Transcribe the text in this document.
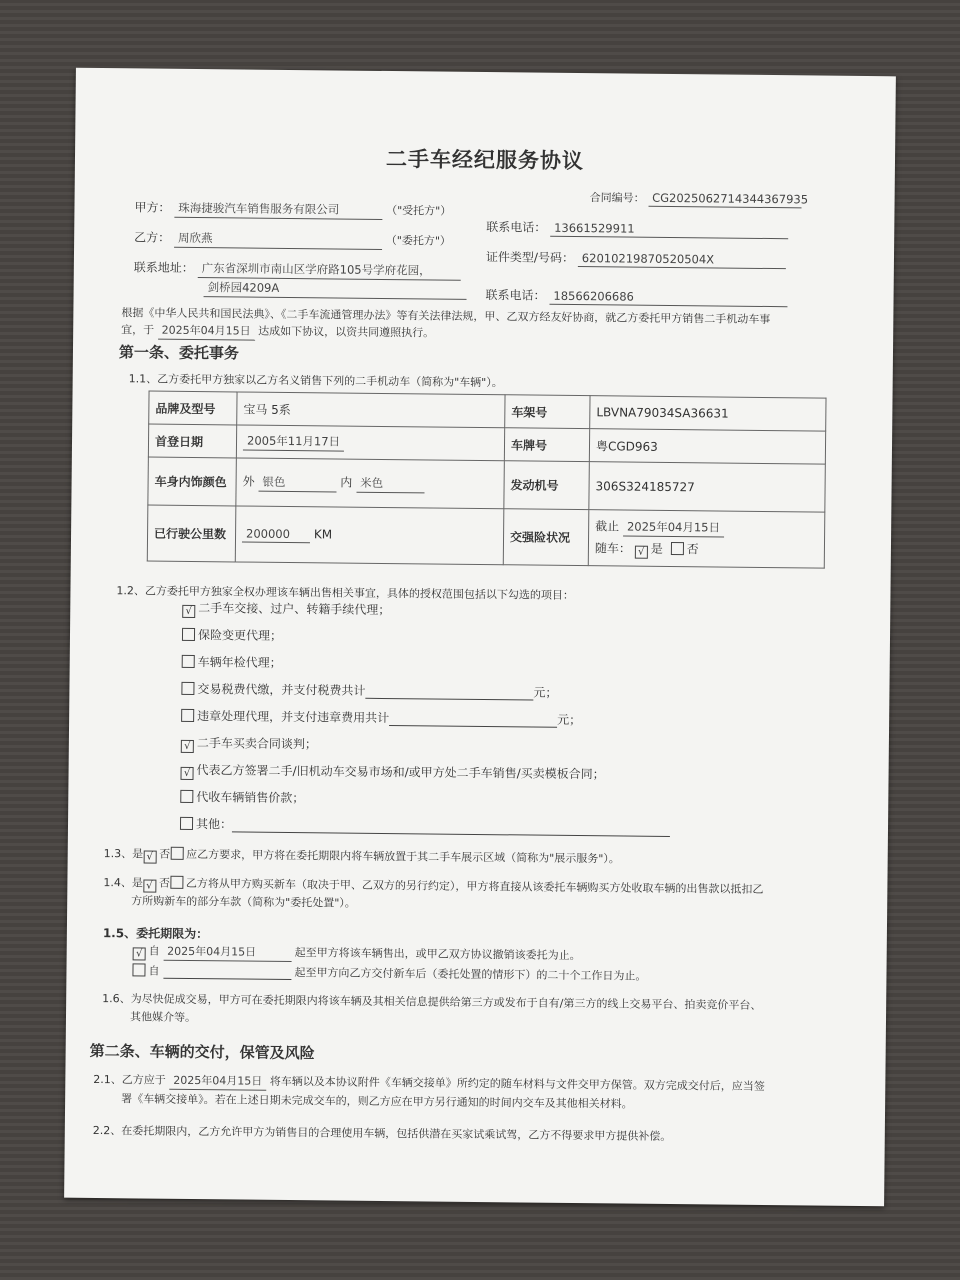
二手车经纪服务协议
合同编号： CG2025062714344367935
甲方： 珠海捷骏汽车销售服务有限公司	（"受托方"）
联系电话： 13661529911
乙方： 周欣燕	（"委托方"）
证件类型/号码： 62010219870520504X
联系地址： 广东省深圳市南山区学府路105号学府花园，
剑桥园4209A
联系电话： 18566206686
根据《中华人民共和国民法典》、《二手车流通管理办法》等有关法律法规，甲、乙双方经友好协商，就乙方委托甲方销售二手机动车事
宜，于 2025年04月15日 达成如下协议，以资共同遵照执行。
第一条、委托事务
1.1、乙方委托甲方独家以乙方名义销售下列的二手机动车（简称为"车辆"）。
品牌及型号	宝马 5系	车架号	LBVNA79034SA36631
首登日期	2005年11月17日	车牌号	粤CGD963
车身内饰颜色	外 银色 内 米色	发动机号	306S324185727
已行驶公里数	200000 KM	交强险状况	截止 2025年04月15日
随车： √ 是 否
1.2、乙方委托甲方独家全权办理该车辆出售相关事宜，具体的授权范围包括以下勾选的项目：
√ 二手车交接、过户、转籍手续代理；
保险变更代理；
车辆年检代理；
交易税费代缴，并支付税费共计	元；
违章处理代理，并支付违章费用共计	元；
√ 二手车买卖合同谈判；
√ 代表乙方签署二手/旧机动车交易市场和/或甲方处二手车销售/买卖模板合同；
代收车辆销售价款；
其他：
1.3、是 √ 否 应乙方要求，甲方将在委托期限内将车辆放置于其二手车展示区域（简称为"展示服务"）。
1.4、是 √ 否 乙方将从甲方购买新车（取决于甲、乙双方的另行约定），甲方将直接从该委托车辆购买方处收取车辆的出售款以抵扣乙
方所购新车的部分车款（简称为"委托处置"）。
1.5、委托期限为：
√ 自 2025年04月15日	起至甲方将该车辆售出，或甲乙双方协议撤销该委托为止。
自	起至甲方向乙方交付新车后（委托处置的情形下）的二十个工作日为止。
1.6、为尽快促成交易，甲方可在委托期限内将该车辆及其相关信息提供给第三方或发布于自有/第三方的线上交易平台、拍卖竞价平台、
其他媒介等。
第二条、车辆的交付，保管及风险
2.1、乙方应于 2025年04月15日 将车辆以及本协议附件《车辆交接单》所约定的随车材料与文件交甲方保管。双方完成交付后，应当签
署《车辆交接单》。若在上述日期未完成交车的，则乙方应在甲方另行通知的时间内交车及其他相关材料。
2.2、在委托期限内，乙方允许甲方为销售目的合理使用车辆，包括供潜在买家试乘试驾，乙方不得要求甲方提供补偿。
